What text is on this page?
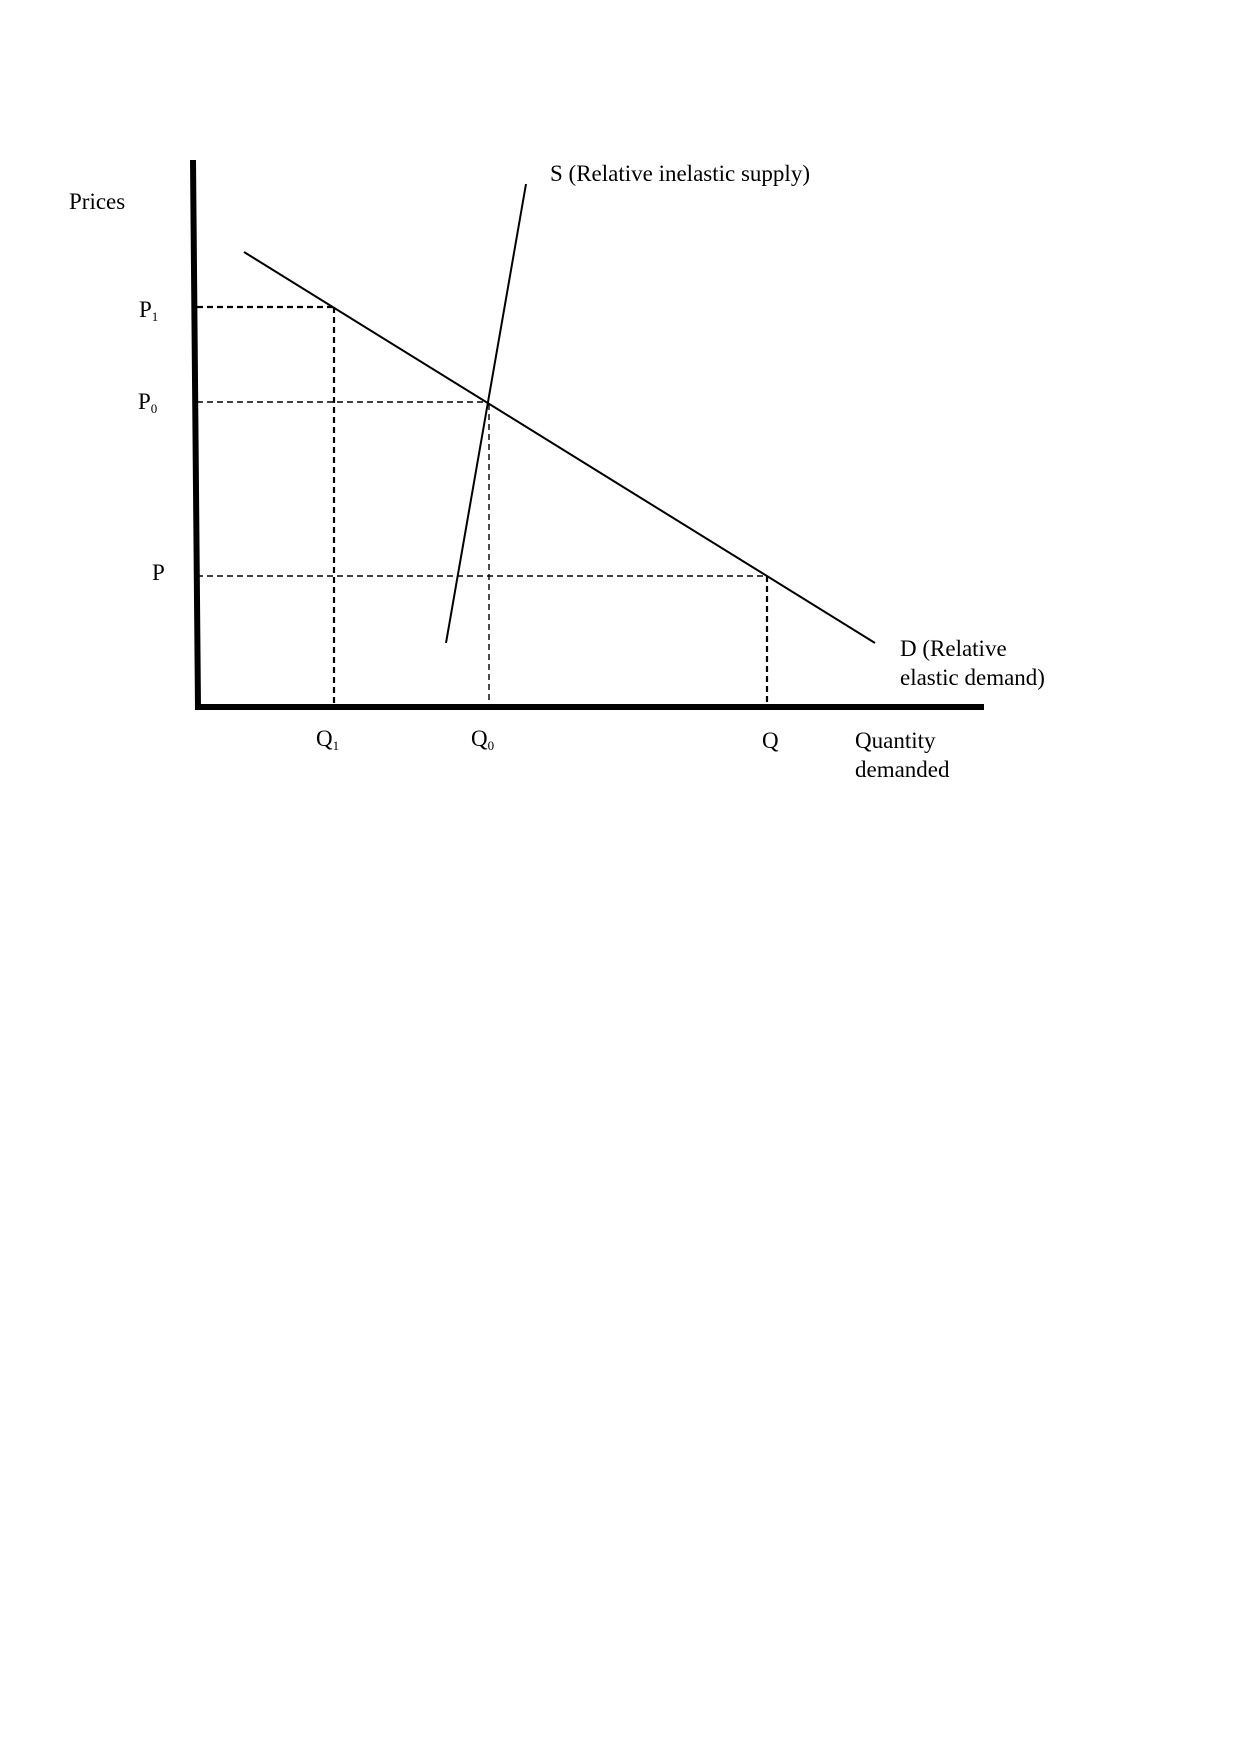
Prices
P1
P0
P
Q1	Q0	Q	Quantity demanded
S (Relative inelastic supply)
D (Relative elastic demand)
